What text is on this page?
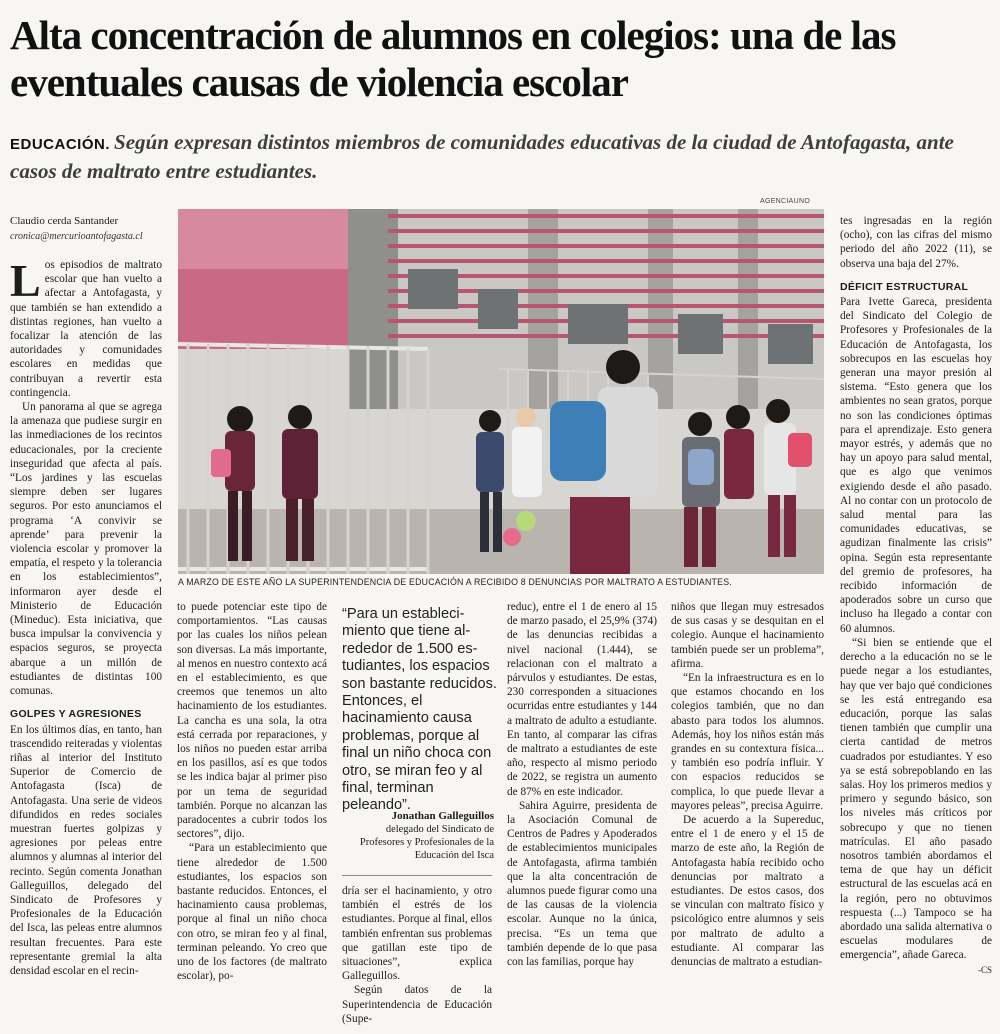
Alta concentración de alumnos en colegios: una de las eventuales causas de violencia escolar

EDUCACIÓN. Según expresan distintos miembros de comunidades educativas de la ciudad de Antofagasta, ante casos de maltrato entre estudiantes.

Claudio cerda Santander
cronica@mercurioantofagasta.cl
AGENCIAUNO
A MARZO DE ESTE AÑO LA SUPERINTENDENCIA DE EDUCACIÓN A RECIBIDO 8 DENUNCIAS POR MALTRATO A ESTUDIANTES.

Los episodios de maltrato escolar que han vuelto a afectar a Antofagasta, y que también se han extendido a distintas regiones, han vuelto a focalizar la atención de las autoridades y comunidades escolares en medidas que contribuyan a revertir esta contingencia.

Un panorama al que se agrega la amenaza que pudiese surgir en las inmediaciones de los recintos educacionales, por la creciente inseguridad que afecta al país. “Los jardines y las escuelas siempre deben ser lugares seguros. Por esto anunciamos el programa ‘A convivir se aprende’ para prevenir la violencia escolar y promover la empatía, el respeto y la tolerancia en los establecimientos”, informaron ayer desde el Ministerio de Educación (Mineduc). Esta iniciativa, que busca impulsar la convivencia y espacios seguros, se proyecta abarque a un millón de estudiantes de distintas 100 comunas.

GOLPES Y AGRESIONES

En los últimos días, en tanto, han trascendido reiteradas y violentas riñas al interior del Instituto Superior de Comercio de Antofagasta (Isca) de Antofagasta. Una serie de videos difundidos en redes sociales muestran fuertes golpizas y agresiones por peleas entre alumnos y alumnas al interior del recinto. Según comenta Jonathan Galleguillos, delegado del Sindicato de Profesores y Profesionales de la Educación del Isca, las peleas entre alumnos resultan frecuentes. Para este representante gremial la alta densidad escolar en el recin-

to puede potenciar este tipo de comportamientos. “Las causas por las cuales los niños pelean son diversas. La más importante, al menos en nuestro contexto acá en el establecimiento, es que creemos que tenemos un alto hacinamiento de los estudiantes. La cancha es una sola, la otra está cerrada por reparaciones, y los niños no pueden estar arriba en los pasillos, así es que todos se les indica bajar al primer piso por un tema de seguridad también. Porque no alcanzan las paradocentes a cubrir todos los sectores”, dijo.

“Para un establecimiento que tiene alrededor de 1.500 estudiantes, los espacios son bastante reducidos. Entonces, el hacinamiento causa problemas, porque al final un niño choca con otro, se miran feo y al final, terminan peleando. Yo creo que uno de los factores (de maltrato escolar), po-

“Para un establecimiento que tiene alrededor de 1.500 estudiantes, los espacios son bastante reducidos. Entonces, el hacinamiento causa problemas, porque al final un niño choca con otro, se miran feo y al final, terminan peleando”.
Jonathan Galleguillos
delegado del Sindicato de Profesores y Profesionales de la Educación del Isca

dría ser el hacinamiento, y otro también el estrés de los estudiantes. Porque al final, ellos también enfrentan sus problemas que gatillan este tipo de situaciones”, explica Galleguillos.

Según datos de la Superintendencia de Educación (Supe-

reduc), entre el 1 de enero al 15 de marzo pasado, el 25,9% (374) de las denuncias recibidas a nivel nacional (1.444), se relacionan con el maltrato a párvulos y estudiantes. De estas, 230 corresponden a situaciones ocurridas entre estudiantes y 144 a maltrato de adulto a estudiante. En tanto, al comparar las cifras de maltrato a estudiantes de este año, respecto al mismo periodo de 2022, se registra un aumento de 87% en este indicador.

Sahira Aguirre, presidenta de la Asociación Comunal de Centros de Padres y Apoderados de establecimientos municipales de Antofagasta, afirma también que la alta concentración de alumnos puede figurar como una de las causas de la violencia escolar. Aunque no la única, precisa. “Es un tema que también depende de lo que pasa con las familias, porque hay

niños que llegan muy estresados de sus casas y se desquitan en el colegio. Aunque el hacinamiento también puede ser un problema”, afirma.

“En la infraestructura es en lo que estamos chocando en los colegios también, que no dan abasto para todos los alumnos. Además, hoy los niños están más grandes en su contextura física... y también eso podría influir. Y con espacios reducidos se complica, lo que puede llevar a mayores peleas”, precisa Aguirre.

De acuerdo a la Supereduc, entre el 1 de enero y el 15 de marzo de este año, la Región de Antofagasta había recibido ocho denuncias por maltrato a estudiantes. De estos casos, dos se vinculan con maltrato físico y psicológico entre alumnos y seis por maltrato de adulto a estudiante. Al comparar las denuncias de maltrato a estudian-

tes ingresadas en la región (ocho), con las cifras del mismo periodo del año 2022 (11), se observa una baja del 27%.

DÉFICIT ESTRUCTURAL

Para Ivette Gareca, presidenta del Sindicato del Colegio de Profesores y Profesionales de la Educación de Antofagasta, los sobrecupos en las escuelas hoy generan una mayor presión al sistema. “Esto genera que los ambientes no sean gratos, porque no son las condiciones óptimas para el aprendizaje. Esto genera mayor estrés, y además que no hay un apoyo para salud mental, que es algo que venimos exigiendo desde el año pasado. Al no contar con un protocolo de salud mental para las comunidades educativas, se agudizan finalmente las crisis” opina. Según esta representante del gremio de profesores, ha recibido información de apoderados sobre un curso que incluso ha llegado a contar con 60 alumnos.

“Si bien se entiende que el derecho a la educación no se le puede negar a los estudiantes, hay que ver bajo qué condiciones se les está entregando esa educación, porque las salas tienen también que cumplir una cierta cantidad de metros cuadrados por estudiantes. Y eso ya se está sobrepoblando en las salas. Hoy los primeros medios y primero y segundo básico, son los niveles más críticos por sobrecupo y que no tienen matrículas. El año pasado nosotros también abordamos el tema de que hay un déficit estructural de las escuelas acá en la región, pero no obtuvimos respuesta (...) Tampoco se ha abordado una salida alternativa o escuelas modulares de emergencia”, añade Gareca.

-CS
